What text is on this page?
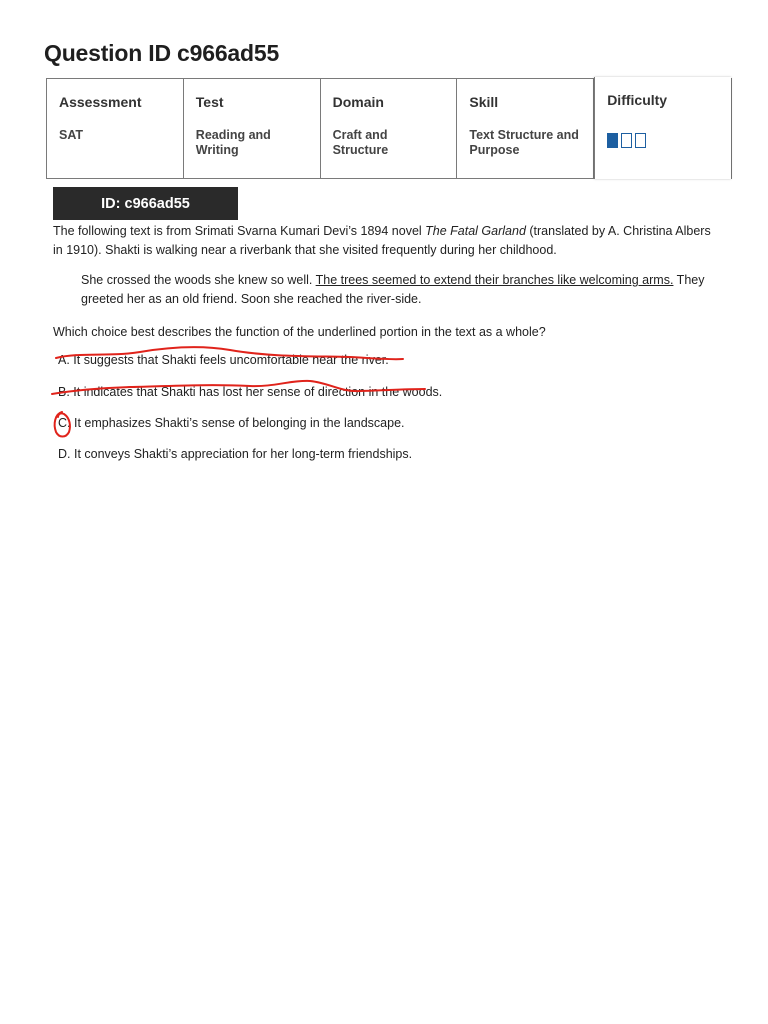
Question ID c966ad55
Assessment
SAT
Test
Reading and Writing
Domain
Craft and Structure
Skill
Text Structure and Purpose
Difficulty
ID: c966ad55
The following text is from Srimati Svarna Kumari Devi’s 1894 novel The Fatal Garland (translated by A. Christina Albers in 1910). Shakti is walking near a riverbank that she visited frequently during her childhood.
She crossed the woods she knew so well. The trees seemed to extend their branches like welcoming arms. They greeted her as an old friend. Soon she reached the river-side.
Which choice best describes the function of the underlined portion in the text as a whole?
A. It suggests that Shakti feels uncomfortable near the river.
B. It indicates that Shakti has lost her sense of direction in the woods.
C. It emphasizes Shakti’s sense of belonging in the landscape.
D. It conveys Shakti’s appreciation for her long-term friendships.
